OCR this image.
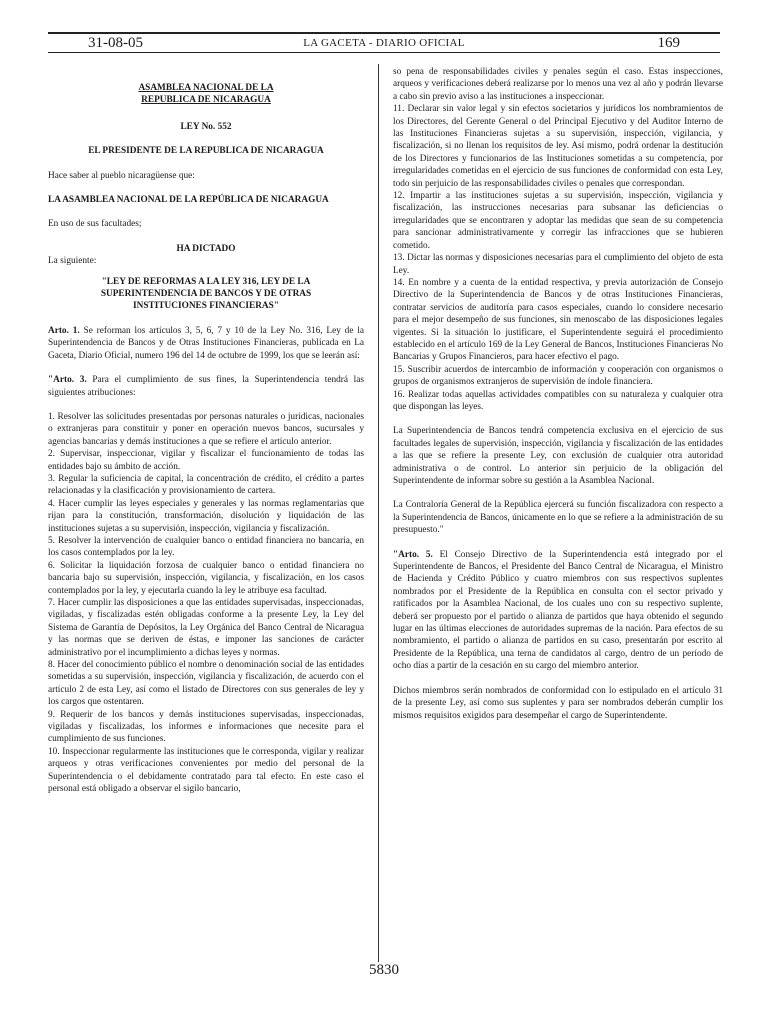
31-08-05	LA GACETA - DIARIO OFICIAL	169

ASAMBLEA NACIONAL DE LA

REPUBLICA DE NICARAGUA

LEY No. 552

EL PRESIDENTE DE LA REPUBLICA DE NICARAGUA

Hace saber al pueblo nicaragüense que:

LA ASAMBLEA NACIONAL DE LA REPÚBLICA DE NICARAGUA

En uso de sus facultades;

HA DICTADO

La siguiente:

"LEY DE REFORMAS A LA LEY 316, LEY DE LA SUPERINTENDENCIA DE BANCOS Y DE OTRAS INSTITUCIONES FINANCIERAS"

Arto. 1. Se reforman los artículos 3, 5, 6, 7 y 10 de la Ley No. 316, Ley de la Superintendencia de Bancos y de Otras Instituciones Financieras, publicada en La Gaceta, Diario Oficial, numero 196 del 14 de octubre de 1999, los que se leerán así:

"Arto. 3. Para el cumplimiento de sus fines, la Superintendencia tendrá las siguientes atribuciones:

1. Resolver las solicitudes presentadas por personas naturales o jurídicas, nacionales o extranjeras para constituir y poner en operación nuevos bancos, sucursales y agencias bancarias y demás instituciones a que se refiere el artículo anterior.

2. Supervisar, inspeccionar, vigilar y fiscalizar el funcionamiento de todas las entidades bajo su ámbito de acción.

3. Regular la suficiencia de capital, la concentración de crédito, el crédito a partes relacionadas y la clasificación y provisionamiento de cartera.

4. Hacer cumplir las leyes especiales y generales y las normas reglamentarias que rijan para la constitución, transformación, disolución y liquidación de las instituciones sujetas a su supervisión, inspección, vigilancia y fiscalización.

5. Resolver la intervención de cualquier banco o entidad financiera no bancaria, en los casos contemplados por la ley.

6. Solicitar la liquidación forzosa de cualquier banco o entidad financiera no bancaria bajo su supervisión, inspección, vigilancia, y fiscalización, en los casos contemplados por la ley, y ejecutarla cuando la ley le atribuye esa facultad.

7. Hacer cumplir las disposiciones a que las entidades supervisadas, inspeccionadas, vigiladas, y fiscalizadas estén obligadas conforme a la presente Ley, la Ley del Sistema de Garantía de Depósitos, la Ley Orgánica del Banco Central de Nicaragua y las normas que se deriven de éstas, e imponer las sanciones de carácter administrativo por el incumplimiento a dichas leyes y normas.

8. Hacer del conocimiento público el nombre o denominación social de las entidades sometidas a su supervisión, inspección, vigilancia y fiscalización, de acuerdo con el artículo 2 de esta Ley, así como el listado de Directores con sus generales de ley y los cargos que ostentaren.

9. Requerir de los bancos y demás instituciones supervisadas, inspeccionadas, vigiladas y fiscalizadas, los informes e informaciones que necesite para el cumplimiento de sus funciones.

10. Inspeccionar regularmente las instituciones que le corresponda, vigilar y realizar arqueos y otras verificaciones convenientes por medio del personal de la Superintendencia o el debidamente contratado para tal efecto. En este caso el personal está obligado a observar el sigilo bancario,

so pena de responsabilidades civiles y penales según el caso. Estas inspecciones, arqueos y verificaciones deberá realizarse por lo menos una vez al año y podrán llevarse a cabo sin previo aviso a las instituciones a inspeccionar.

11. Declarar sin valor legal y sin efectos societarios y jurídicos los nombramientos de los Directores, del Gerente General o del Principal Ejecutivo y del Auditor Interno de las Instituciones Financieras sujetas a su supervisión, inspección, vigilancia, y fiscalización, si no llenan los requisitos de ley. Así mismo, podrá ordenar la destitución de los Directores y funcionarios de las Instituciones sometidas a su competencia, por irregularidades cometidas en el ejercicio de sus funciones de conformidad con esta Ley, todo sin perjuicio de las responsabilidades civiles o penales que correspondan.

12. Impartir a las instituciones sujetas a su supervisión, inspección, vigilancia y fiscalización, las instrucciones necesarias para subsanar las deficiencias o irregularidades que se encontraren y adoptar las medidas que sean de su competencia para sancionar administrativamente y corregir las infracciones que se hubieren cometido.

13. Dictar las normas y disposiciones necesarias para el cumplimiento del objeto de esta Ley.

14. En nombre y a cuenta de la entidad respectiva, y previa autorización de Consejo Directivo de la Superintendencia de Bancos y de otras Instituciones Financieras, contratar servicios de auditoría para casos especiales, cuando lo considere necesario para el mejor desempeño de sus funciones, sin menoscabo de las disposiciones legales vigentes. Si la situación lo justificare, el Superintendente seguirá el procedimiento establecido en el artículo 169 de la Ley General de Bancos, Instituciones Financieras No Bancarias y Grupos Financieros, para hacer efectivo el pago.

15. Suscribir acuerdos de intercambio de información y cooperación con organismos o grupos de organismos extranjeros de supervisión de índole financiera.

16. Realizar todas aquellas actividades compatibles con su naturaleza y cualquier otra que dispongan las leyes.

La Superintendencia de Bancos tendrá competencia exclusiva en el ejercicio de sus facultades legales de supervisión, inspección, vigilancia y fiscalización de las entidades a las que se refiere la presente Ley, con exclusión de cualquier otra autoridad administrativa o de control. Lo anterior sin perjuicio de la obligación del Superintendente de informar sobre su gestión a la Asamblea Nacional.

La Contraloría General de la República ejercerá su función fiscalizadora con respecto a la Superintendencia de Bancos, únicamente en lo que se refiere a la administración de su presupuesto."

"Arto. 5. El Consejo Directivo de la Superintendencia está integrado por el Superintendente de Bancos, el Presidente del Banco Central de Nicaragua, el Ministro de Hacienda y Crédito Público y cuatro miembros con sus respectivos suplentes nombrados por el Presidente de la República en consulta con el sector privado y ratificados por la Asamblea Nacional, de los cuales uno con su respectivo suplente, deberá ser propuesto por el partido o alianza de partidos que haya obtenido el segundo lugar en las últimas elecciones de autoridades supremas de la nación. Para efectos de su nombramiento, el partido o alianza de partidos en su caso, presentarán por escrito al Presidente de la República, una terna de candidatos al cargo, dentro de un período de ocho días a partir de la cesación en su cargo del miembro anterior.

Dichos miembros serán nombrados de conformidad con lo estipulado en el artículo 31 de la presente Ley, así como sus suplentes y para ser nombrados deberán cumplir los mismos requisitos exigidos para desempeñar el cargo de Superintendente.

5830
